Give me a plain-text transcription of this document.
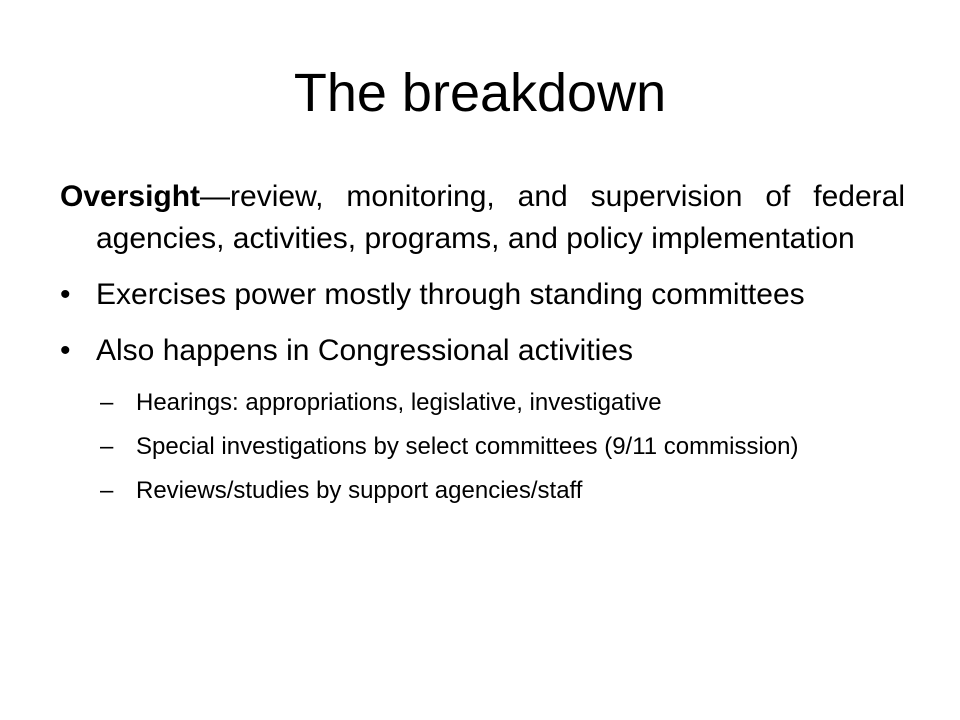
The breakdown

Oversight—review, monitoring, and supervision of federal agencies, activities, programs, and policy implementation

• Exercises power mostly through standing committees
• Also happens in Congressional activities
– Hearings: appropriations, legislative, investigative
– Special investigations by select committees (9/11 commission)
– Reviews/studies by support agencies/staff
